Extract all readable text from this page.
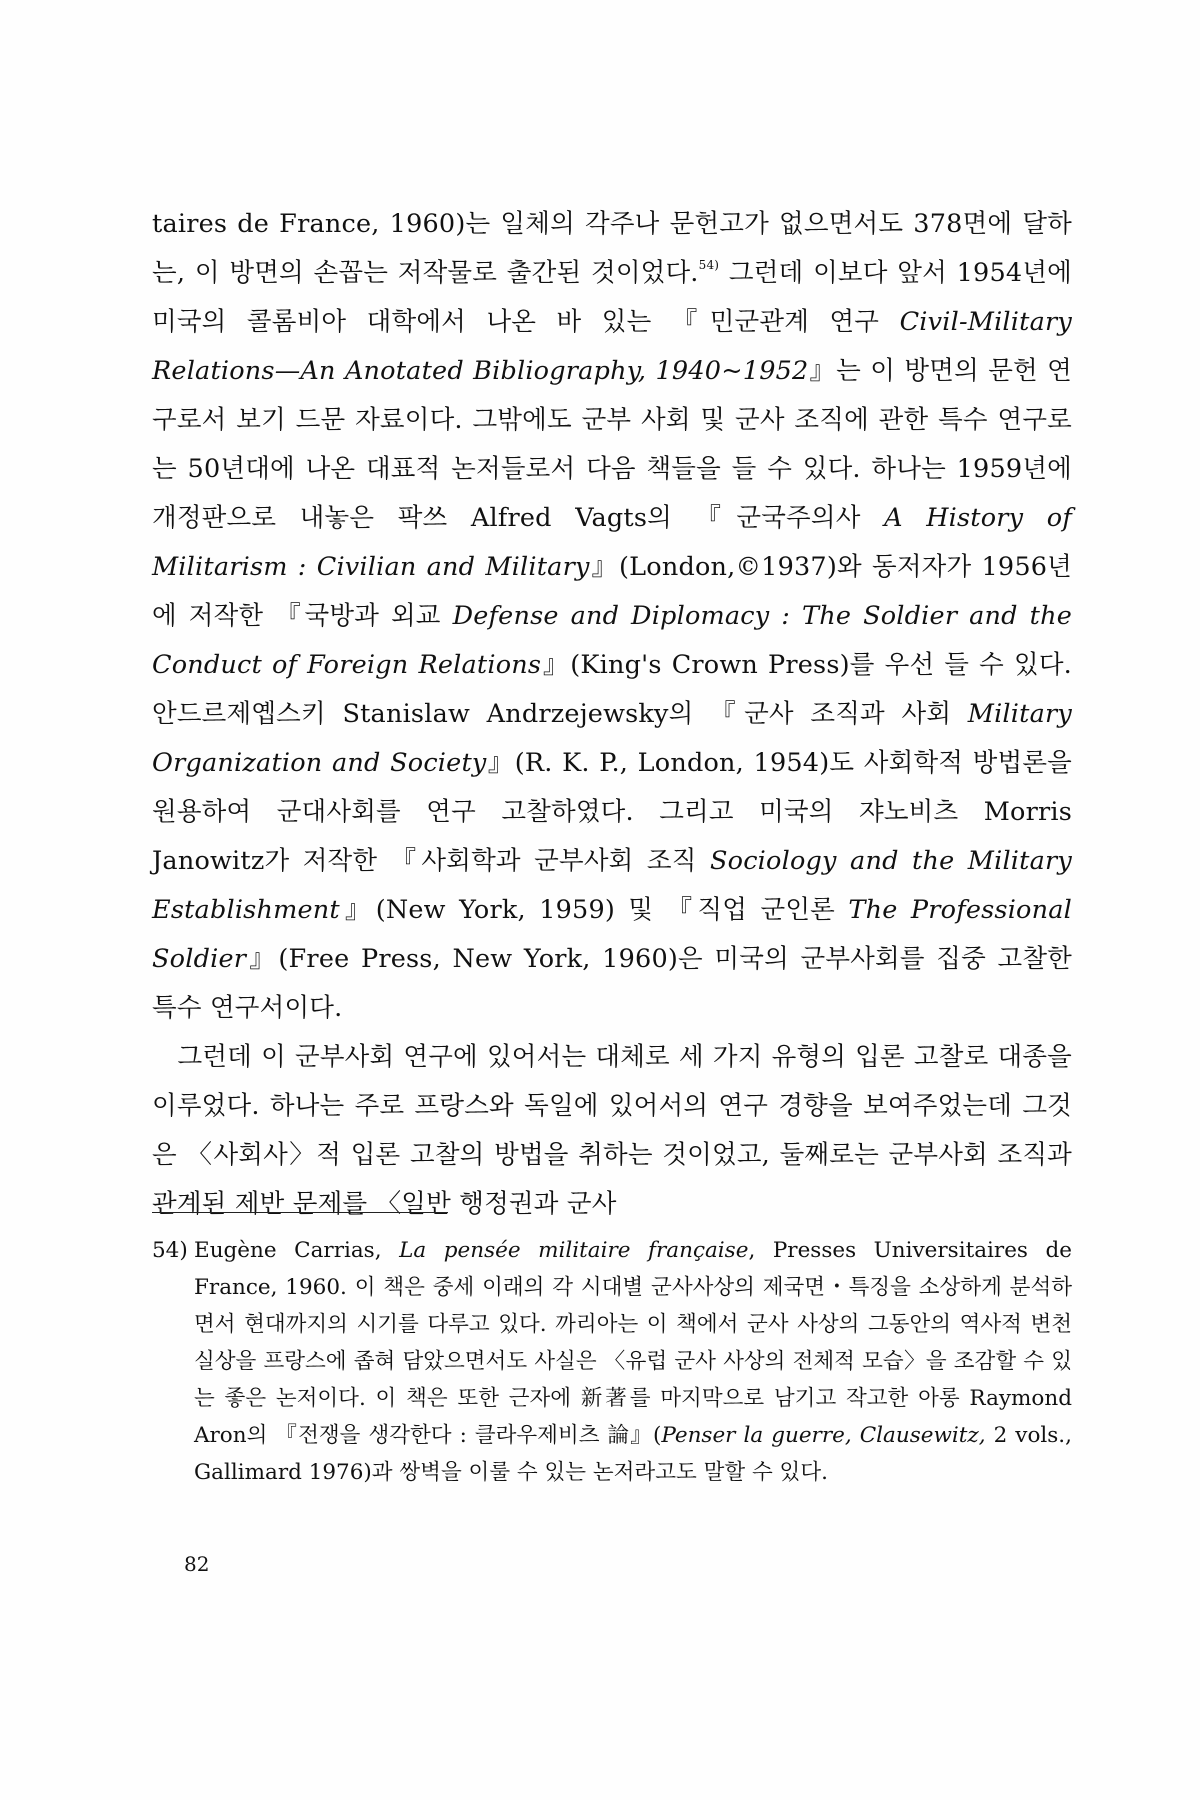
taires de France, 1960)는 일체의 각주나 문헌고가 없으면서도 378면에 달하는, 이 방면의 손꼽는 저작물로 출간된 것이었다.$^{54)}$ 그런데 이보다 앞서 1954년에 미국의 콜롬비아 대학에서 나온 바 있는 『민군관계 연구 Civil-Military Relations—An Anotated Bibliography, 1940~1952』는 이 방면의 문헌 연구로서 보기 드문 자료이다. 그밖에도 군부 사회 및 군사 조직에 관한 특수 연구로는 50년대에 나온 대표적 논저들로서 다음 책들을 들 수 있다. 하나는 1959년에 개정판으로 내놓은 팍쓰 Alfred Vagts의 『군국주의사 A History of Militarism : Civilian and Military』(London,©1937)와 동저자가 1956년에 저작한 『국방과 외교 Defense and Diplomacy : The Soldier and the Conduct of Foreign Relations』(King's Crown Press)를 우선 들 수 있다. 안드르제옙스키 Stanislaw Andrzejewsky의 『군사 조직과 사회 Military Organization and Society』(R. K. P., London, 1954)도 사회학적 방법론을 원용하여 군대사회를 연구 고찰하였다. 그리고 미국의 쟈노비츠 Morris Janowitz가 저작한 『사회학과 군부사회 조직 Sociology and the Military Establishment』(New York, 1959) 및 『직업 군인론 The Professional Soldier』(Free Press, New York, 1960)은 미국의 군부사회를 집중 고찰한 특수 연구서이다.

그런데 이 군부사회 연구에 있어서는 대체로 세 가지 유형의 입론 고찰로 대종을 이루었다. 하나는 주로 프랑스와 독일에 있어서의 연구 경향을 보여주었는데 그것은 〈사회사〉적 입론 고찰의 방법을 취하는 것이었고, 둘째로는 군부사회 조직과 관계된 제반 문제를 〈일반 행정권과 군사

54) Eugène Carrias, La pensée militaire française, Presses Universitaires de France, 1960. 이 책은 중세 이래의 각 시대별 군사사상의 제국면・특징을 소상하게 분석하면서 현대까지의 시기를 다루고 있다. 까리아는 이 책에서 군사 사상의 그동안의 역사적 변천 실상을 프랑스에 좁혀 담았으면서도 사실은 〈유럽 군사 사상의 전체적 모습〉을 조감할 수 있는 좋은 논저이다. 이 책은 또한 근자에 新著를 마지막으로 남기고 작고한 아롱 Raymond Aron의 『전쟁을 생각한다 : 클라우제비츠 論』(Penser la guerre, Clausewitz, 2 vols., Gallimard 1976)과 쌍벽을 이룰 수 있는 논저라고도 말할 수 있다.
82
